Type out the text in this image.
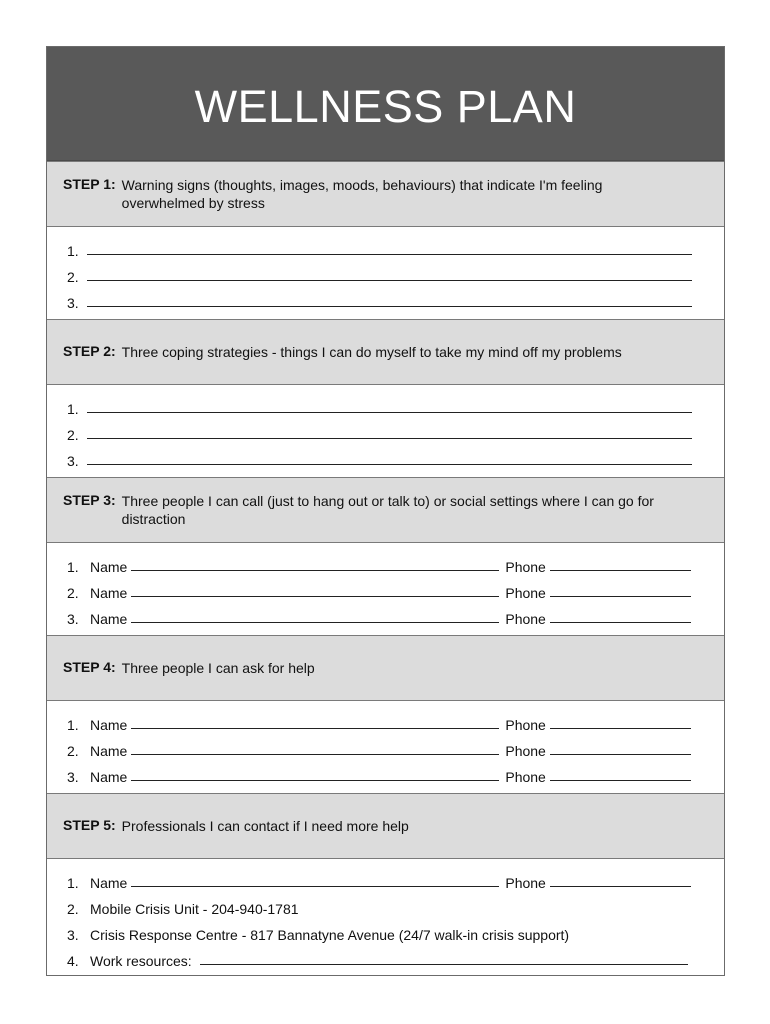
WELLNESS PLAN
STEP 1: Warning signs (thoughts, images, moods, behaviours) that indicate I'm feeling
overwhelmed by stress
1.
2.
3.
STEP 2: Three coping strategies - things I can do myself to take my mind off my problems
1.
2.
3.
STEP 3: Three people I can call (just to hang out or talk to) or social settings where I can go for
distraction
1. Name	Phone
2. Name	Phone
3. Name	Phone
STEP 4: Three people I can ask for help
1. Name	Phone
2. Name	Phone
3. Name	Phone
STEP 5: Professionals I can contact if I need more help
1. Name	Phone
2. Mobile Crisis Unit - 204-940-1781
3. Crisis Response Centre - 817 Bannatyne Avenue (24/7 walk-in crisis support)
4. Work resources:
